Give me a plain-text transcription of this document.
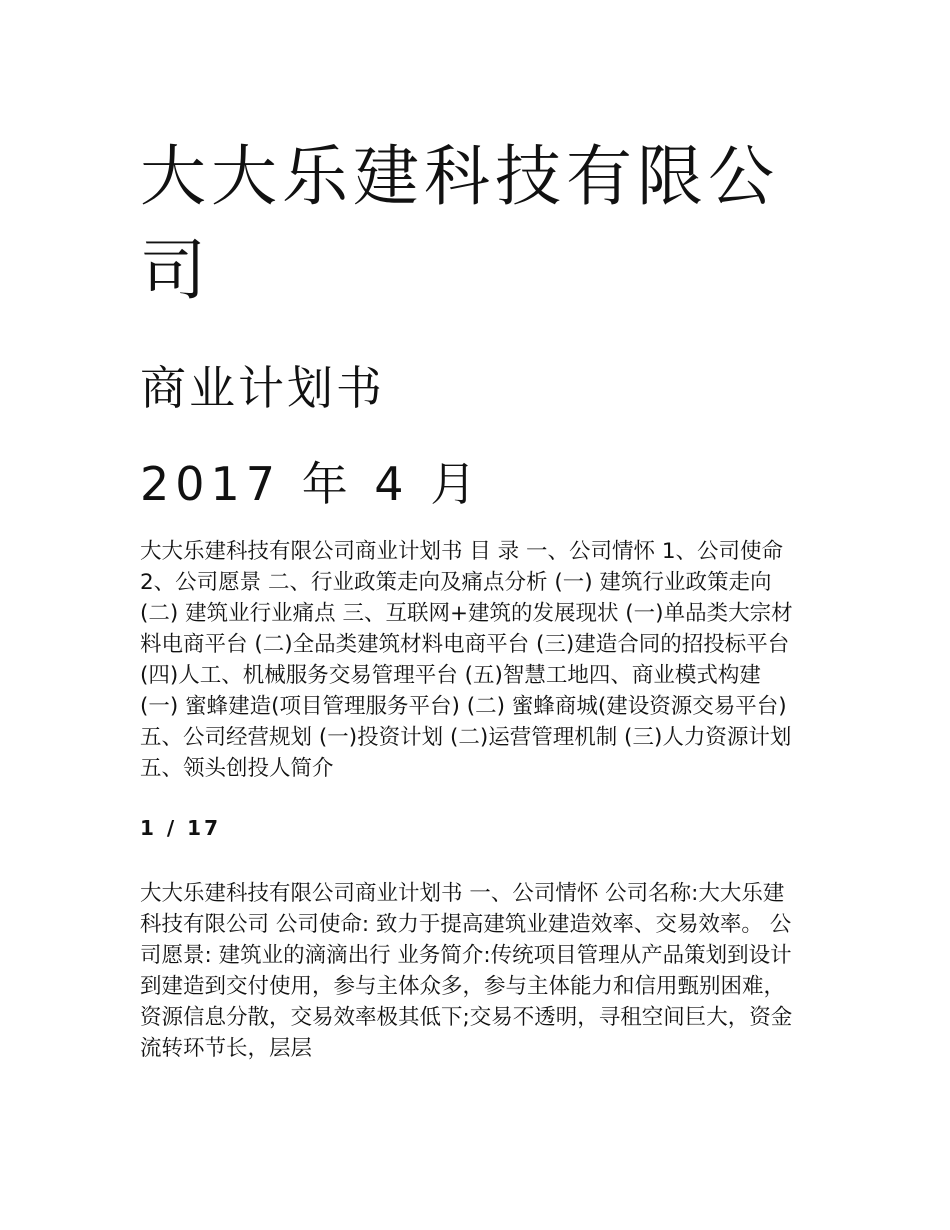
大大乐建科技有限公司
商业计划书
2017 年 4 月

大大乐建科技有限公司商业计划书 目 录 一、公司情怀 1、公司使命 2、公司愿景 二、行业政策走向及痛点分析 (一) 建筑行业政策走向 (二) 建筑业行业痛点 三、互联网+建筑的发展现状 (一)单品类大宗材料电商平台 (二)全品类建筑材料电商平台 (三)建造合同的招投标平台 (四)人工、机械服务交易管理平台 (五)智慧工地四、商业模式构建 (一) 蜜蜂建造(项目管理服务平台) (二) 蜜蜂商城(建设资源交易平台) 五、公司经营规划 (一)投资计划 (二)运营管理机制 (三)人力资源计划 五、领头创投人简介

1 / 17

大大乐建科技有限公司商业计划书 一、公司情怀 公司名称:大大乐建科技有限公司 公司使命: 致力于提高建筑业建造效率、交易效率。 公司愿景: 建筑业的滴滴出行 业务简介:传统项目管理从产品策划到设计到建造到交付使用，参与主体众多，参与主体能力和信用甄别困难，资源信息分散，交易效率极其低下;交易不透明，寻租空间巨大，资金流转环节长，层层
